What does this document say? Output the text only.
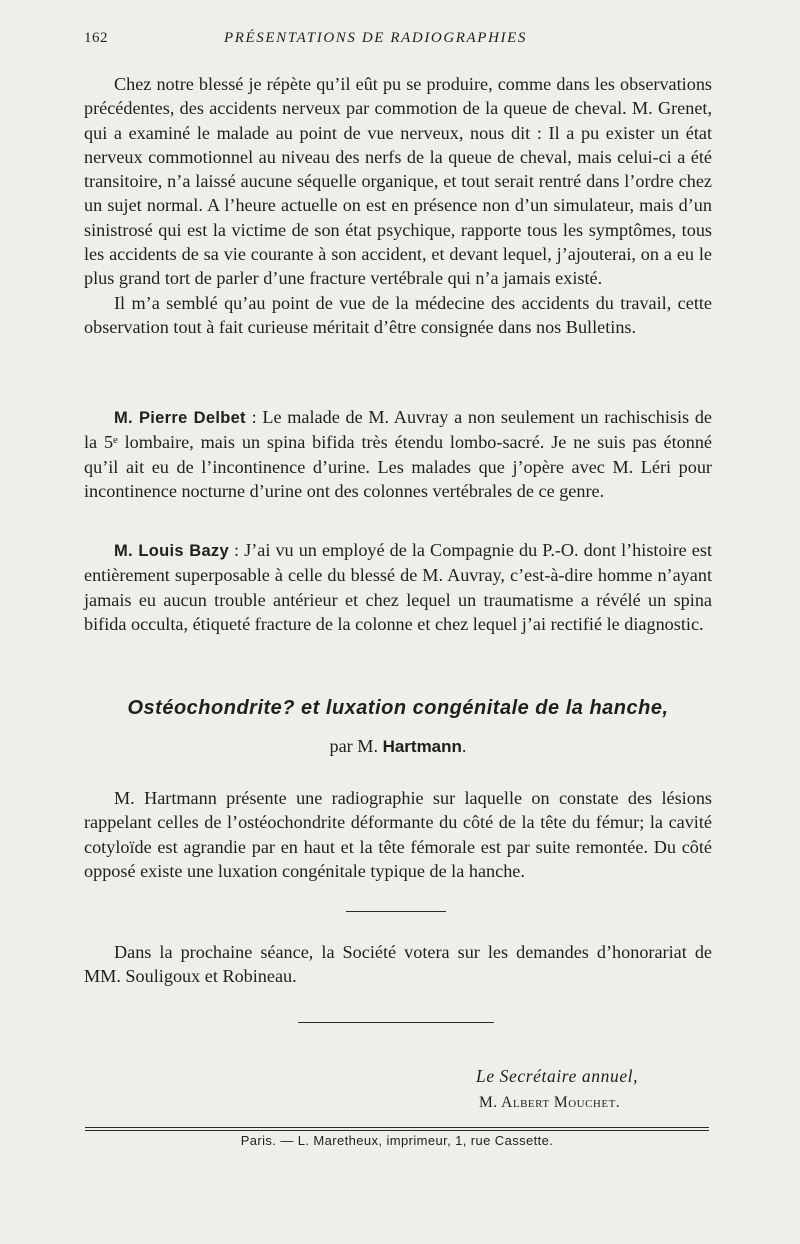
162	PRÉSENTATIONS DE RADIOGRAPHIES

Chez notre blessé je répète qu’il eût pu se produire, comme dans les observations précédentes, des accidents nerveux par commotion de la queue de cheval. M. Grenet, qui a examiné le malade au point de vue nerveux, nous dit : Il a pu exister un état nerveux commotionnel au niveau des nerfs de la queue de cheval, mais celui-ci a été transitoire, n’a laissé aucune séquelle organique, et tout serait rentré dans l’ordre chez un sujet normal. A l’heure actuelle on est en présence non d’un simulateur, mais d’un sinistrosé qui est la victime de son état psychique, rapporte tous les symptômes, tous les accidents de sa vie courante à son accident, et devant lequel, j’ajouterai, on a eu le plus grand tort de parler d’une fracture vertébrale qui n’a jamais existé.

Il m’a semblé qu’au point de vue de la médecine des accidents du travail, cette observation tout à fait curieuse méritait d’être consignée dans nos Bulletins.

M. Pierre Delbet : Le malade de M. Auvray a non seulement un rachischisis de la 5ᵉ lombaire, mais un spina bifida très étendu lombo-sacré. Je ne suis pas étonné qu’il ait eu de l’incontinence d’urine. Les malades que j’opère avec M. Léri pour incontinence nocturne d’urine ont des colonnes vertébrales de ce genre.

M. Louis Bazy : J’ai vu un employé de la Compagnie du P.-O. dont l’histoire est entièrement superposable à celle du blessé de M. Auvray, c’est-à-dire homme n’ayant jamais eu aucun trouble antérieur et chez lequel un traumatisme a révélé un spina bifida occulta, étiqueté fracture de la colonne et chez lequel j’ai rectifié le diagnostic.

Ostéochondrite? et luxation congénitale de la hanche,
par M. Hartmann.

M. Hartmann présente une radiographie sur laquelle on constate des lésions rappelant celles de l’ostéochondrite déformante du côté de la tête du fémur; la cavité cotyloïde est agrandie par en haut et la tête fémorale est par suite remontée. Du côté opposé existe une luxation congénitale typique de la hanche.

Dans la prochaine séance, la Société votera sur les demandes d’honorariat de MM. Souligoux et Robineau.

Le Secrétaire annuel,
M. Albert Mouchet.
Paris. — L. Maretheux, imprimeur, 1, rue Cassette.
